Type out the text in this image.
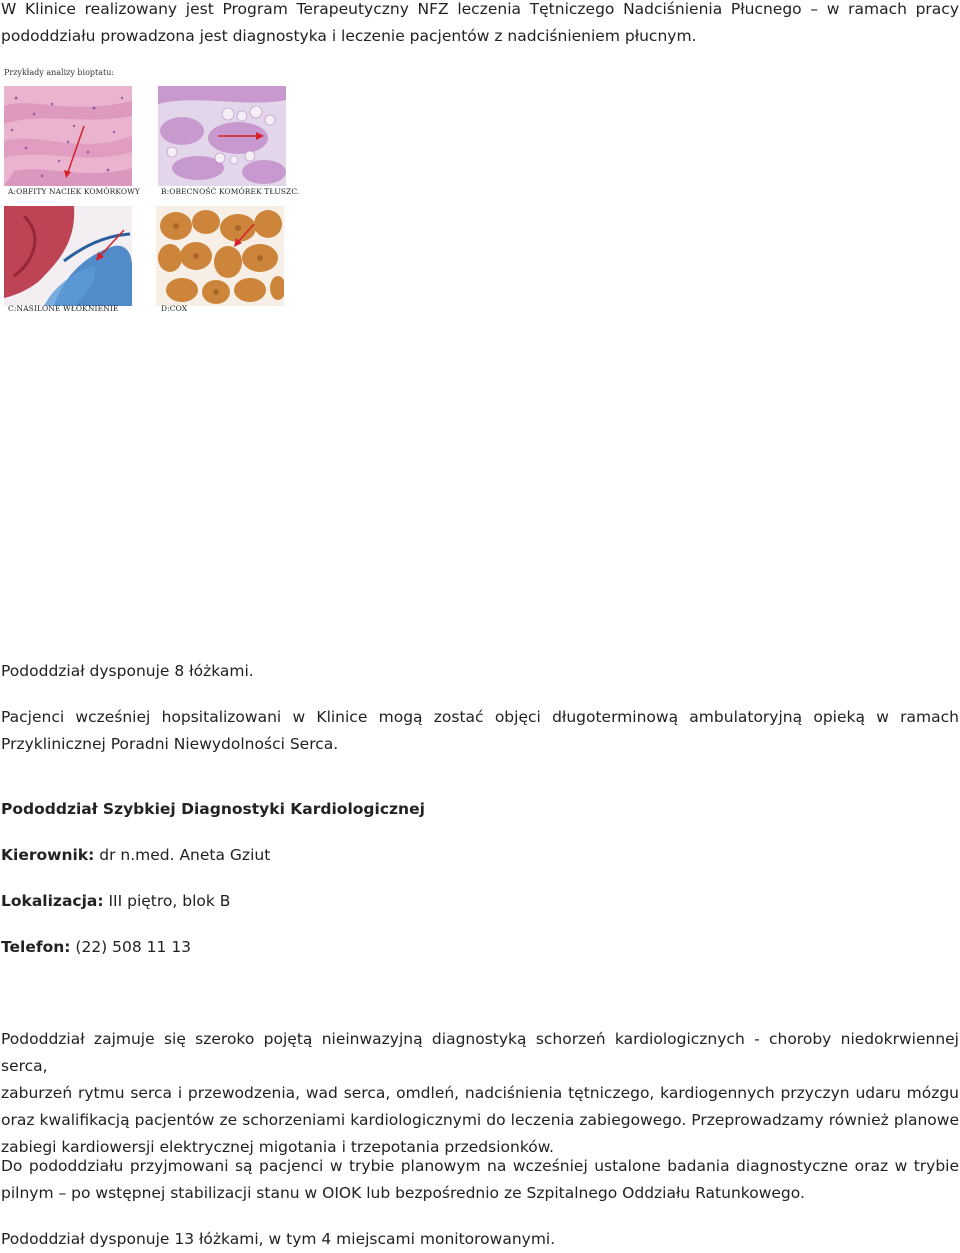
W Klinice realizowany jest Program Terapeutyczny NFZ leczenia Tętniczego Nadciśnienia Płucnego – w ramach pracy

pododdziału prowadzona jest diagnostyka i leczenie pacjentów z nadciśnieniem płucnym.

Przykłady analizy bioptatu:
A:OBFITY NACIEK KOMÓRKOWY	B:OBECNOŚĆ KOMÓREK TŁUSZC.
C:NASILONE WŁÓKNIENIE	D:COX

Pododdział dysponuje 8 łóżkami.

Pacjenci wcześniej hopsitalizowani w Klinice mogą zostać objęci długoterminową ambulatoryjną opieką w ramach

Przyklinicznej Poradni Niewydolności Serca.

Pododdział Szybkiej Diagnostyki Kardiologicznej
Kierownik: dr n.med. Aneta Gziut
Lokalizacja: III piętro, blok B
Telefon: (22) 508 11 13

Pododdział zajmuje się szeroko pojętą nieinwazyjną diagnostyką schorzeń kardiologicznych - choroby niedokrwiennej serca,

zaburzeń rytmu serca i przewodzenia, wad serca, omdleń, nadciśnienia tętniczego, kardiogennych przyczyn udaru mózgu

oraz kwalifikacją pacjentów ze schorzeniami kardiologicznymi do leczenia zabiegowego. Przeprowadzamy również planowe

zabiegi kardiowersji elektrycznej migotania i trzepotania przedsionków.

Do pododdziału przyjmowani są pacjenci w trybie planowym na wcześniej ustalone badania diagnostyczne oraz w trybie

pilnym – po wstępnej stabilizacji stanu w OIOK lub bezpośrednio ze Szpitalnego Oddziału Ratunkowego.

Pododdział dysponuje 13 łóżkami, w tym 4 miejscami monitorowanymi.
